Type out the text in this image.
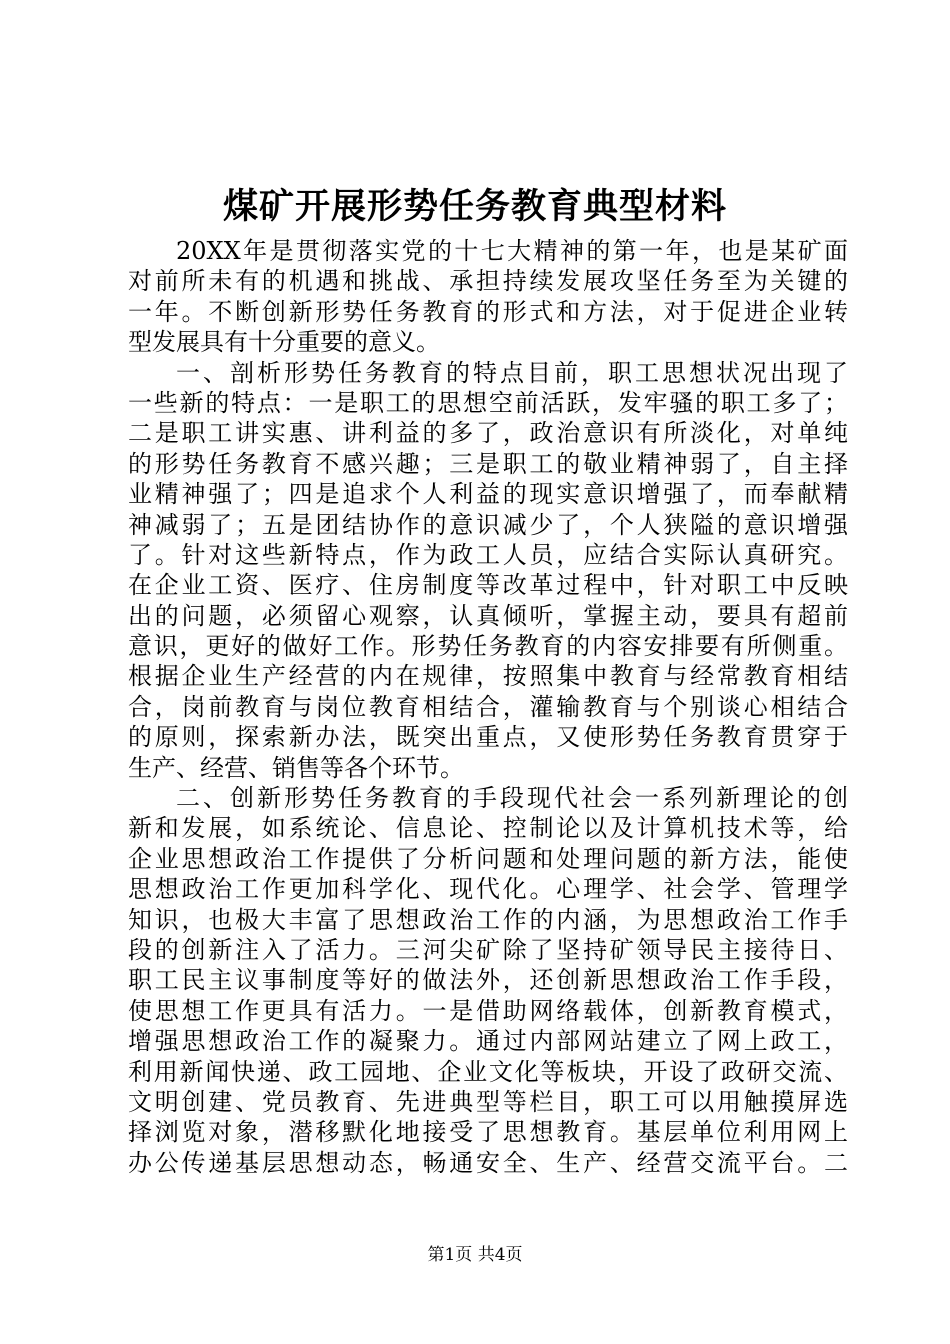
煤矿开展形势任务教育典型材料
20XX年是贯彻落实党的十七大精神的第一年，也是某矿面
对前所未有的机遇和挑战、承担持续发展攻坚任务至为关键的
一年。不断创新形势任务教育的形式和方法，对于促进企业转
型发展具有十分重要的意义。
一、剖析形势任务教育的特点目前，职工思想状况出现了
一些新的特点：一是职工的思想空前活跃，发牢骚的职工多了；
二是职工讲实惠、讲利益的多了，政治意识有所淡化，对单纯
的形势任务教育不感兴趣；三是职工的敬业精神弱了，自主择
业精神强了；四是追求个人利益的现实意识增强了，而奉献精
神减弱了；五是团结协作的意识减少了，个人狭隘的意识增强
了。针对这些新特点，作为政工人员，应结合实际认真研究。
在企业工资、医疗、住房制度等改革过程中，针对职工中反映
出的问题，必须留心观察，认真倾听，掌握主动，要具有超前
意识，更好的做好工作。形势任务教育的内容安排要有所侧重。
根据企业生产经营的内在规律，按照集中教育与经常教育相结
合，岗前教育与岗位教育相结合，灌输教育与个别谈心相结合
的原则，探索新办法，既突出重点，又使形势任务教育贯穿于
生产、经营、销售等各个环节。
二、创新形势任务教育的手段现代社会一系列新理论的创
新和发展，如系统论、信息论、控制论以及计算机技术等，给
企业思想政治工作提供了分析问题和处理问题的新方法，能使
思想政治工作更加科学化、现代化。心理学、社会学、管理学
知识，也极大丰富了思想政治工作的内涵，为思想政治工作手
段的创新注入了活力。三河尖矿除了坚持矿领导民主接待日、
职工民主议事制度等好的做法外，还创新思想政治工作手段，
使思想工作更具有活力。一是借助网络载体，创新教育模式，
增强思想政治工作的凝聚力。通过内部网站建立了网上政工，
利用新闻快递、政工园地、企业文化等板块，开设了政研交流、
文明创建、党员教育、先进典型等栏目，职工可以用触摸屏选
择浏览对象，潜移默化地接受了思想教育。基层单位利用网上
办公传递基层思想动态，畅通安全、生产、经营交流平台。二
第1页 共4页
